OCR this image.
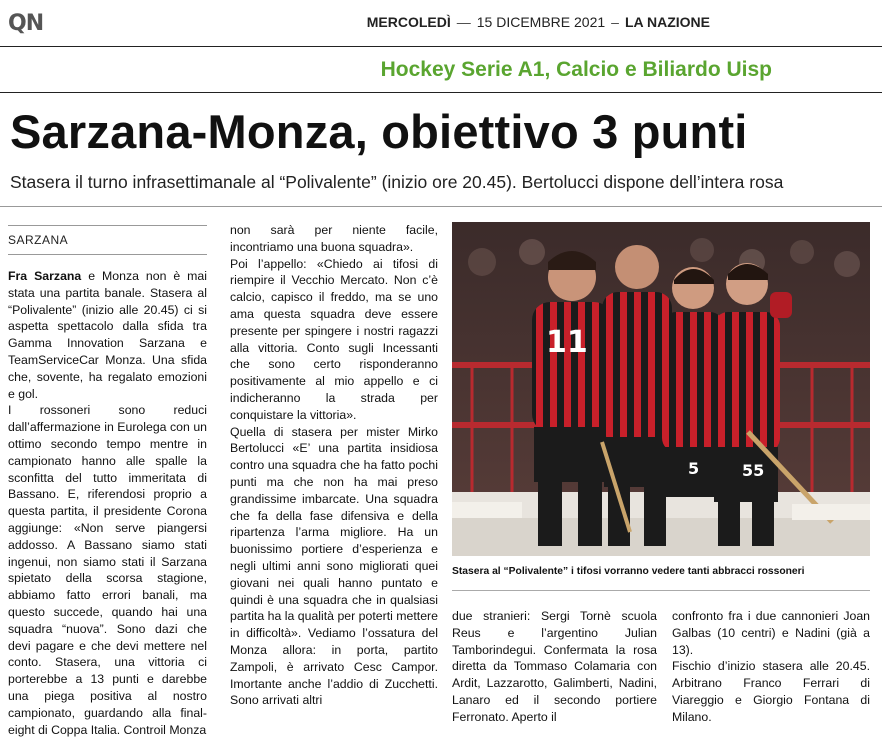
QN	MERCOLEDÌ — 15 DICEMBRE 2021 – LA NAZIONE
Hockey Serie A1, Calcio e Biliardo Uisp
Sarzana-Monza, obiettivo 3 punti
Stasera il turno infrasettimanale al “Polivalente” (inizio ore 20.45). Bertolucci dispone dell’intera rosa
SARZANA

Fra Sarzana e Monza non è mai stata una partita banale. Stasera al “Polivalente” (inizio alle 20.45) ci si aspetta spettacolo dalla sfida tra Gamma Innovation Sarzana e TeamServiceCar Monza. Una sfida che, sovente, ha regalato emozioni e gol.

I rossoneri sono reduci dall’affermazione in Eurolega con un ottimo secondo tempo mentre in campionato hanno alle spalle la sconfitta del tutto immeritata di Bassano. E, riferendosi proprio a questa partita, il presidente Corona aggiunge: «Non serve piangersi addosso. A Bassano siamo stati ingenui, non siamo stati il Sarzana spietato della scorsa stagione, abbiamo fatto errori banali, ma questo succede, quando hai una squadra “nuova”. Sono dazi che devi pagare e che devi mettere nel conto. Stasera, una vittoria ci porterebbe a 13 punti e darebbe una piega positiva al nostro campionato, guardando alla final-eight di Coppa Italia. Controil Monza

non sarà per niente facile, incontriamo una buona squadra».

Poi l’appello: «Chiedo ai tifosi di riempire il Vecchio Mercato. Non c’è calcio, capisco il freddo, ma se uno ama questa squadra deve essere presente per spingere i nostri ragazzi alla vittoria. Conto sugli Incessanti che sono certo risponderanno positivamente al mio appello e ci indicheranno la strada per conquistare la vittoria».

Quella di stasera per mister Mirko Bertolucci «E’ una partita insidiosa contro una squadra che ha fatto pochi punti ma che non ha mai preso grandissime imbarcate. Una squadra che fa della fase difensiva e della ripartenza l’arma migliore. Ha un buonissimo portiere d’esperienza e negli ultimi anni sono migliorati quei giovani nei quali hanno puntato e quindi è una squadra che in qualsiasi partita ha la qualità per poterti mettere in difficoltà». Vediamo l’ossatura del Monza allora: in porta, partito Zampoli, è arrivato Cesc Campor. Imortante anche l’addio di Zucchetti. Sono arrivati altri

11
5	55
Stasera al “Polivalente” i tifosi vorranno vedere tanti abbracci rossoneri

due stranieri: Sergi Tornè scuola Reus e l’argentino Julian Tamborindegui. Confermata la rosa diretta da Tommaso Colamaria con Ardit, Lazzarotto, Galimberti, Nadini, Lanaro ed il secondo portiere Ferronato. Aperto il

confronto fra i due cannonieri Joan Galbas (10 centri) e Nadini (già a 13).

Fischio d’inizio stasera alle 20.45. Arbitrano Franco Ferrari di Viareggio e Giorgio Fontana di Milano.
